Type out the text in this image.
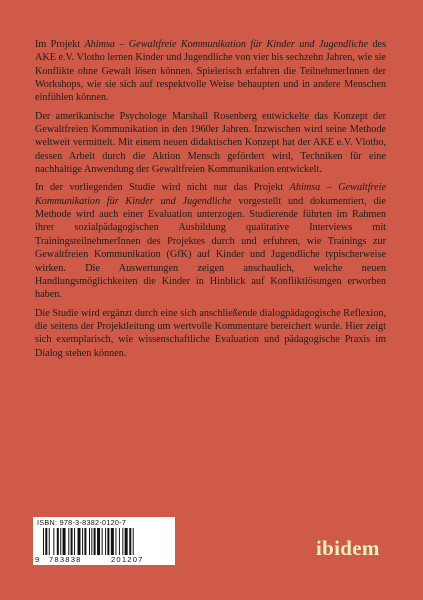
Im Projekt Ahimsa – Gewaltfreie Kommunikation für Kinder und Jugendliche des AKE e.V. Vlotho lernen Kinder und Jugendliche von vier bis sechzehn Jahren, wie sie Konflikte ohne Gewalt lösen können. Spielerisch erfahren die TeilnehmerInnen der Workshops, wie sie sich auf respektvolle Weise behaupten und in andere Menschen einfühlen können.

Der amerikanische Psychologe Marshall Rosenberg entwickelte das Konzept der Gewaltfreien Kommunikation in den 1960er Jahren. Inzwischen wird seine Methode weltweit vermittelt. Mit einem neuen didaktischen Konzept hat der AKE e.V. Vlotho, dessen Arbeit durch die Aktion Mensch gefördert wird, Techniken für eine nachhaltige Anwendung der Gewaltfreien Kommunikation entwickelt.

In der vorliegenden Studie wird nicht nur das Projekt Ahimsa – Gewaltfreie Kommunikation für Kinder und Jugendliche vorgestellt und dokumentiert, die Methode wird auch einer Evaluation unterzogen. Studierende führten im Rahmen ihrer sozialpädagogischen Ausbildung qualitative Interviews mit TrainingsteilnehmerInnen des Projektes durch und erfuhren, wie Trainings zur Gewaltfreien Kommunikation (GfK) auf Kinder und Jugendliche typischerweise wirken. Die Auswertungen zeigen anschaulich, welche neuen Handlungsmöglichkeiten die Kinder in Hinblick auf Konfliktlösungen erworben haben.

Die Studie wird ergänzt durch eine sich anschließende dialogpädagogische Reflexion, die seitens der Projektleitung um wertvolle Kommentare bereichert wurde. Hier zeigt sich exemplarisch, wie wissenschaftliche Evaluation und pädagogische Praxis im Dialog stehen können.

ISBN: 978-3-8382-0120-7
9 783838	201207	ibidem
